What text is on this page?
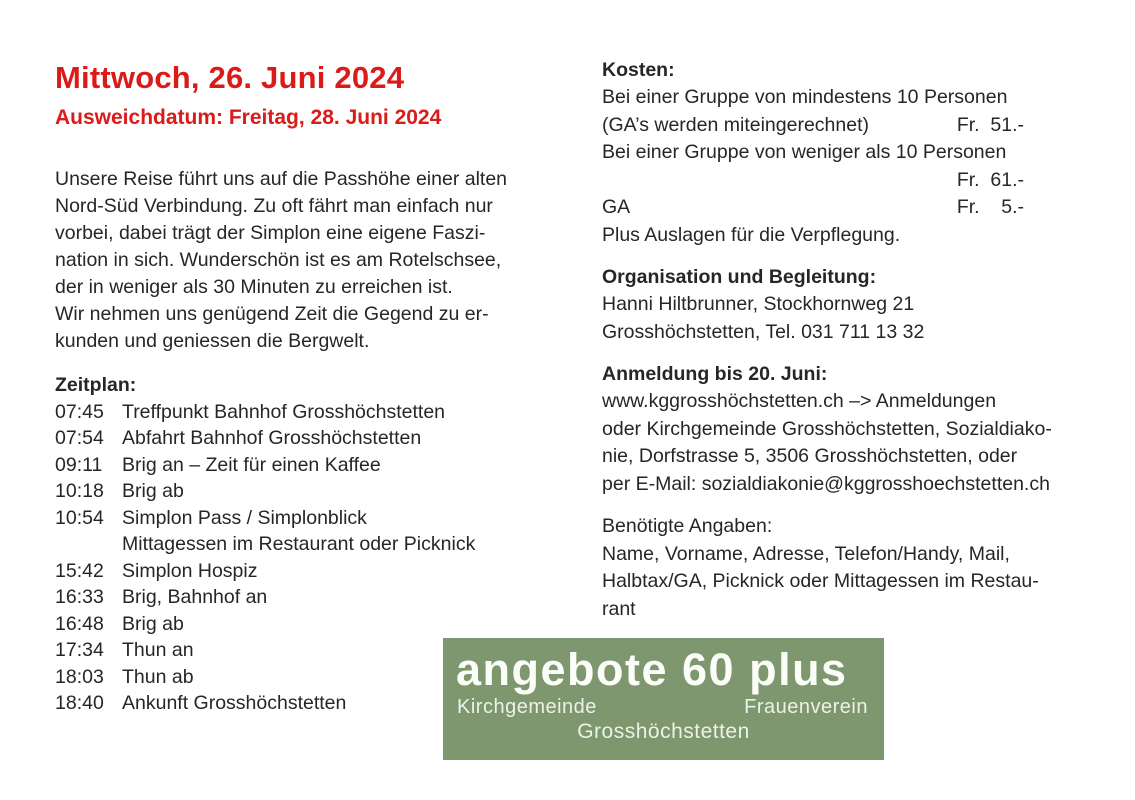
Mittwoch, 26. Juni 2024
Ausweichdatum: Freitag, 28. Juni 2024
Unsere Reise führt uns auf die Passhöhe einer alten
Nord-Süd Verbindung. Zu oft fährt man einfach nur
vorbei, dabei trägt der Simplon eine eigene Faszi-
nation in sich. Wunderschön ist es am Rotelschsee,
der in weniger als 30 Minuten zu erreichen ist.
Wir nehmen uns genügend Zeit die Gegend zu er-
kunden und geniessen die Bergwelt.
Zeitplan:
07:45 Treffpunkt Bahnhof Grosshöchstetten
07:54 Abfahrt Bahnhof Grosshöchstetten
09:11	Brig an – Zeit für einen Kaffee
10:18 Brig ab
10:54 Simplon Pass / Simplonblick
Mittagessen im Restaurant oder Picknick
15:42 Simplon Hospiz
16:33 Brig, Bahnhof an
16:48 Brig ab
17:34 Thun an
18:03 Thun ab
18:40 Ankunft Grosshöchstetten
Kosten:
Bei einer Gruppe von mindestens 10 Personen
(GA’s werden miteingerechnet)	Fr.  51.-
Bei einer Gruppe von weniger als 10 Personen
Fr.  61.-
GA	Fr.    5.-
Plus Auslagen für die Verpflegung.
Organisation und Begleitung:
Hanni Hiltbrunner, Stockhornweg 21
Grosshöchstetten, Tel. 031 711 13 32
Anmeldung bis 20. Juni:
www.kggrosshöchstetten.ch –> Anmeldungen
oder Kirchgemeinde Grosshöchstetten, Sozialdiako-
nie, Dorfstrasse 5, 3506 Grosshöchstetten, oder
per E-Mail: sozialdiakonie@kggrosshoechstetten.ch
Benötigte Angaben:
Name, Vorname, Adresse, Telefon/Handy, Mail,
Halbtax/GA, Picknick oder Mittagessen im Restau-
rant
angebote 60 plus
Kirchgemeinde	Frauenverein
Grosshöchstetten
